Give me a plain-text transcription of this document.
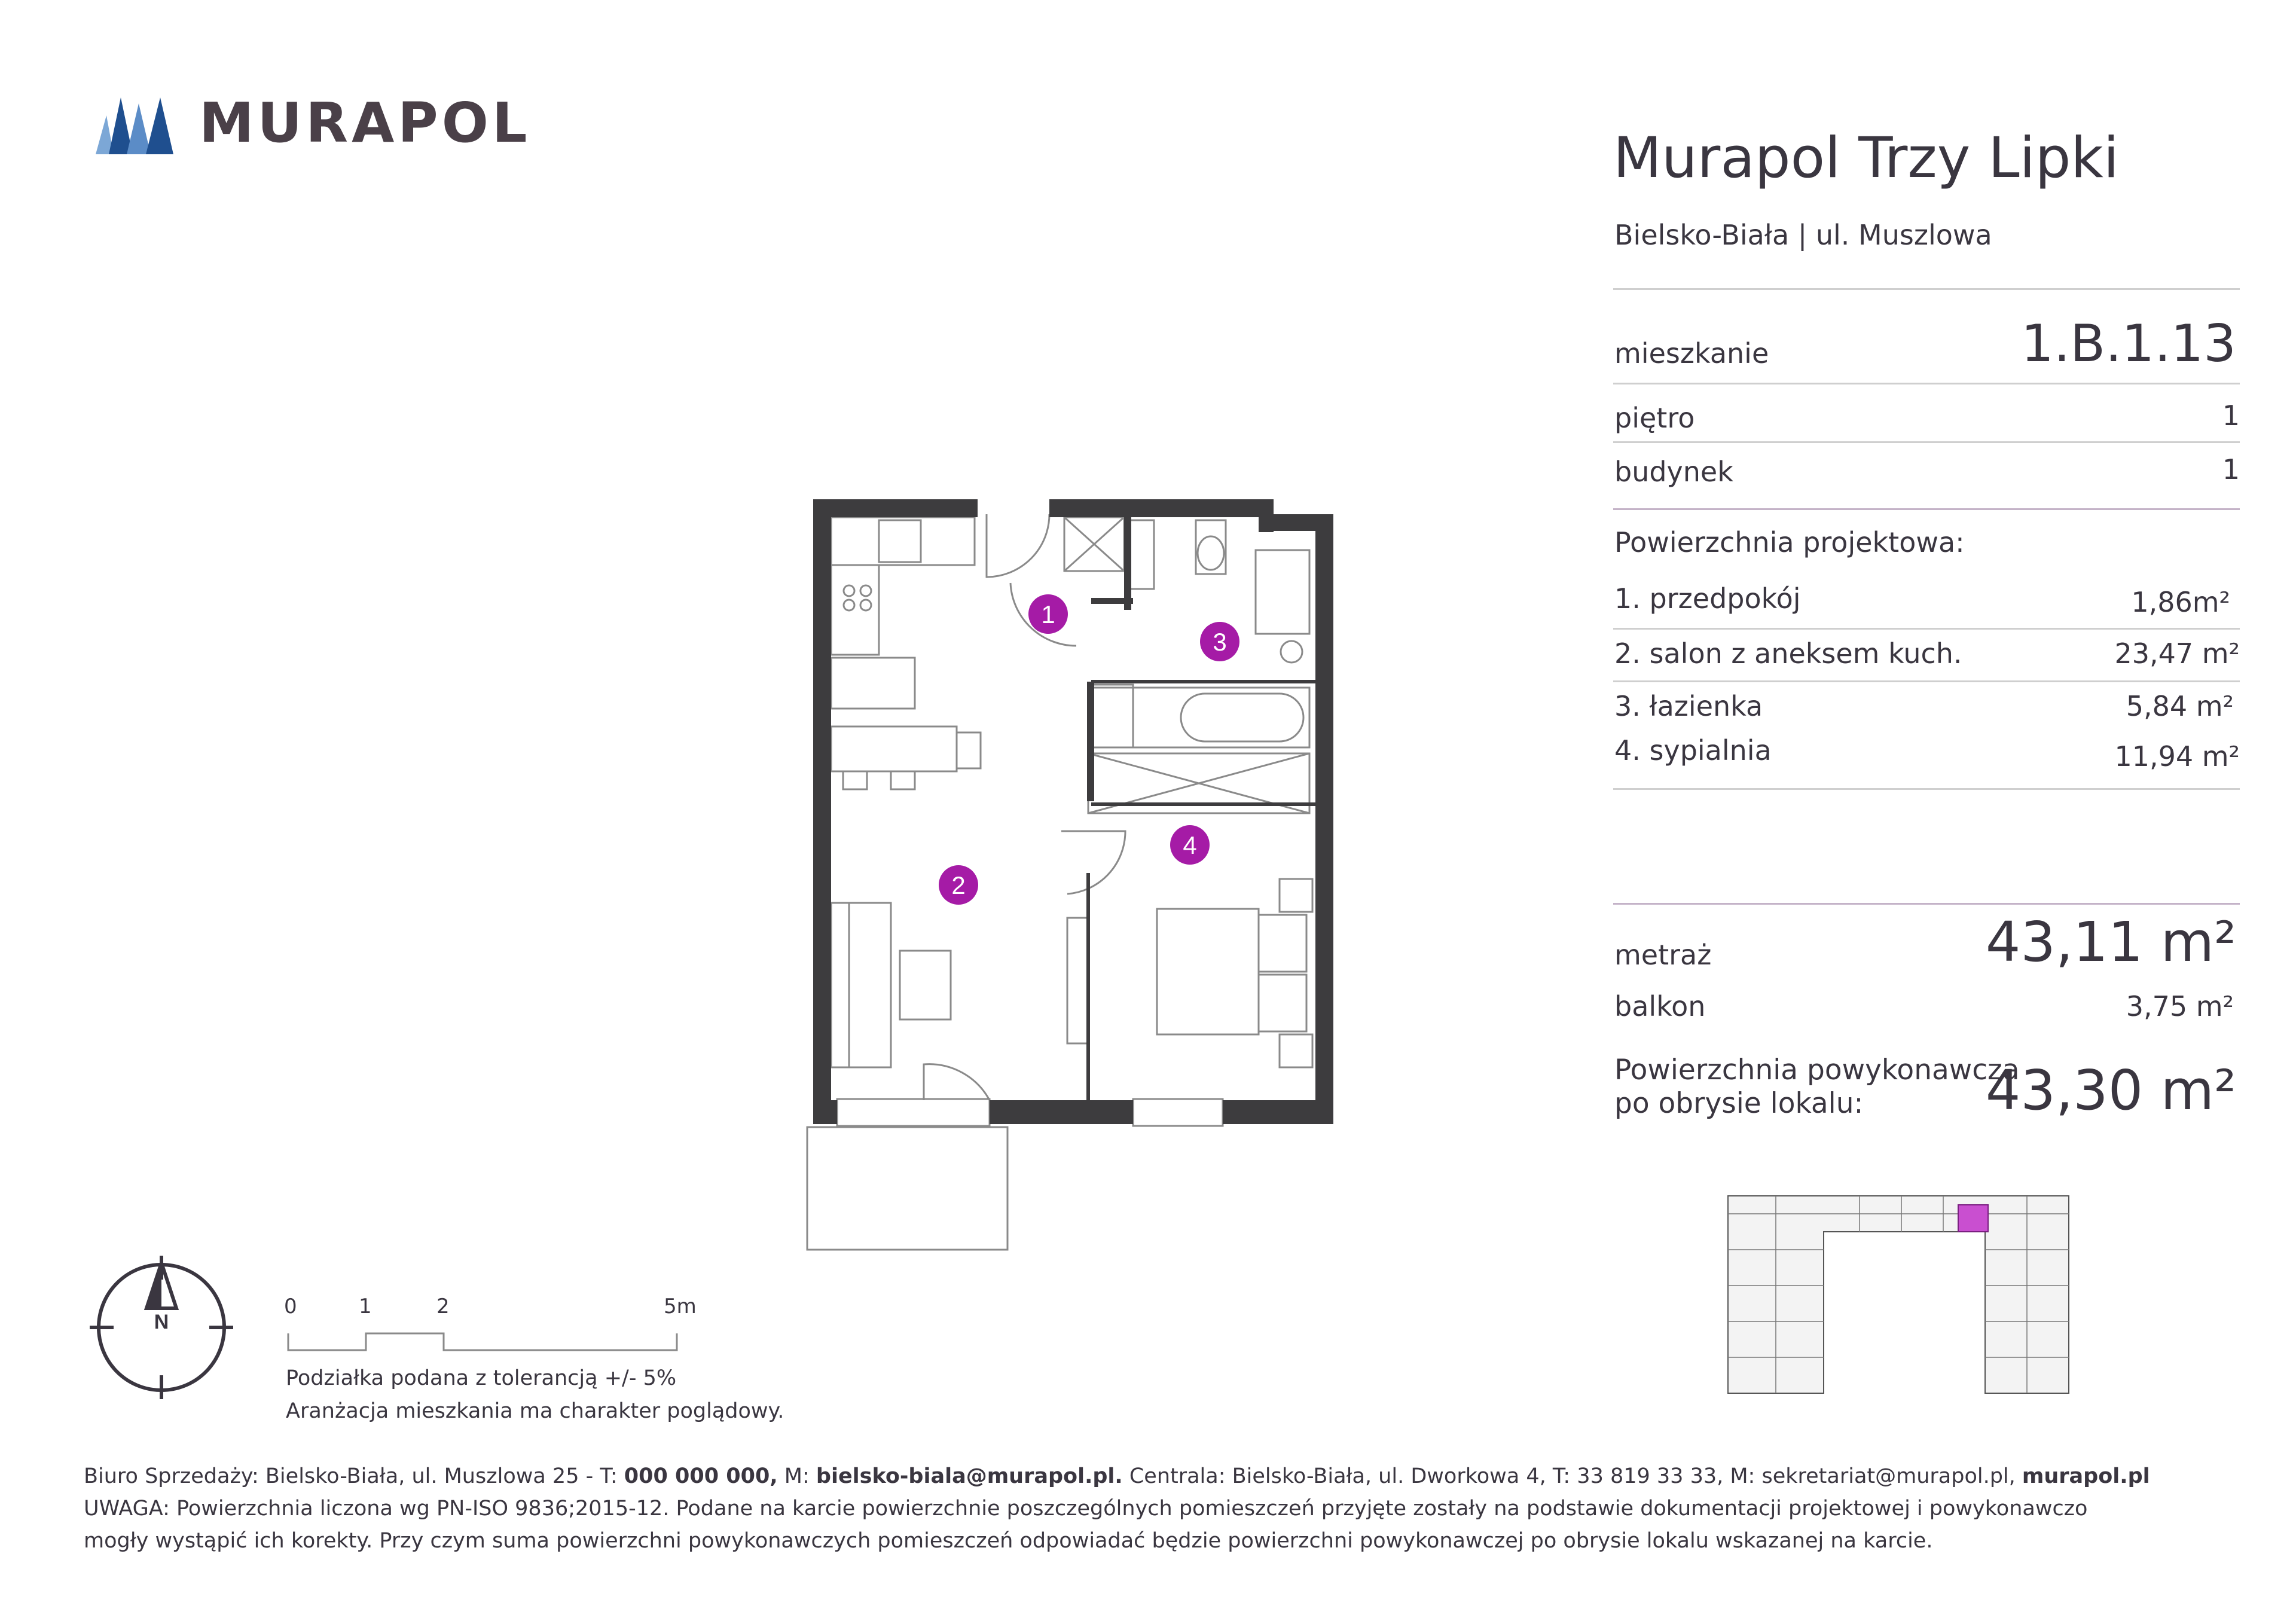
MURAPOL
Murapol Trzy Lipki
Bielsko-Biała | ul. Muszlowa
mieszkanie	1.B.1.13
piętro	1
budynek	1
Powierzchnia projektowa:
1. przedpokój	1,86m²
2. salon z aneksem kuch.	23,47 m²
3. łazienka	5,84 m²
4. sypialnia	11,94 m²
metraż	43,11 m²
balkon	3,75 m²
Powierzchnia powykonawcza
po obrysie lokalu:	43,30 m²
1
2
3
4
N
0	1	2	5m
Podziałka podana z tolerancją +/- 5%
Aranżacja mieszkania ma charakter poglądowy.
Biuro Sprzedaży: Bielsko-Biała, ul. Muszlowa 25 - T: 000 000 000, M: bielsko-biala@murapol.pl. Centrala: Bielsko-Biała, ul. Dworkowa 4, T: 33 819 33 33, M: sekretariat@murapol.pl, murapol.pl
UWAGA: Powierzchnia liczona wg PN-ISO 9836;2015-12. Podane na karcie powierzchnie poszczególnych pomieszczeń przyjęte zostały na podstawie dokumentacji projektowej i powykonawczo
mogły wystąpić ich korekty. Przy czym suma powierzchni powykonawczych pomieszczeń odpowiadać będzie powierzchni powykonawczej po obrysie lokalu wskazanej na karcie.
